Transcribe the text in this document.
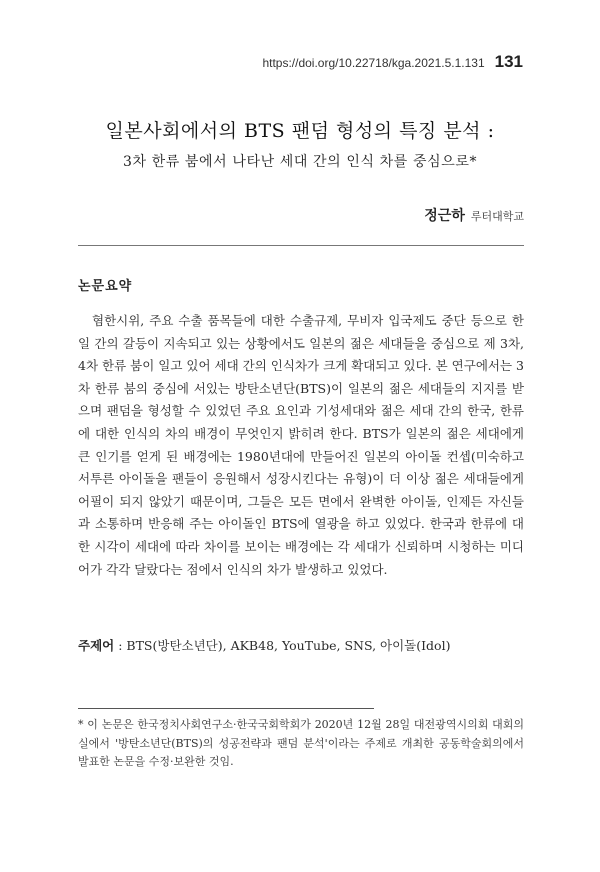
https://doi.org/10.22718/kga.2021.5.1.131 131
일본사회에서의 BTS 팬덤 형성의 특징 분석 :
3차 한류 붐에서 나타난 세대 간의 인식 차를 중심으로*
정근하 루터대학교
논문요약

혐한시위, 주요 수출 품목들에 대한 수출규제, 무비자 입국제도 중단 등으로 한일 간의 갈등이 지속되고 있는 상황에서도 일본의 젊은 세대들을 중심으로 제 3차, 4차 한류 붐이 일고 있어 세대 간의 인식차가 크게 확대되고 있다. 본 연구에서는 3차 한류 붐의 중심에 서있는 방탄소년단(BTS)이 일본의 젊은 세대들의 지지를 받으며 팬덤을 형성할 수 있었던 주요 요인과 기성세대와 젊은 세대 간의 한국, 한류에 대한 인식의 차의 배경이 무엇인지 밝히려 한다. BTS가 일본의 젊은 세대에게 큰 인기를 얻게 된 배경에는 1980년대에 만들어진 일본의 아이돌 컨셉(미숙하고 서투른 아이돌을 팬들이 응원해서 성장시킨다는 유형)이 더 이상 젊은 세대들에게 어필이 되지 않았기 때문이며, 그들은 모든 면에서 완벽한 아이돌, 인제든 자신들과 소통하며 반응해 주는 아이돌인 BTS에 열광을 하고 있었다. 한국과 한류에 대한 시각이 세대에 따라 차이를 보이는 배경에는 각 세대가 신뢰하며 시청하는 미디어가 각각 달랐다는 점에서 인식의 차가 발생하고 있었다.

주제어 : BTS(방탄소년단), AKB48, YouTube, SNS, 아이돌(Idol)

* 이 논문은 한국정치사회연구소·한국국회학회가 2020년 12월 28일 대전광역시의회 대회의실에서 '방탄소년단(BTS)의 성공전략과 팬덤 분석'이라는 주제로 개최한 공동학술회의에서 발표한 논문을 수정·보완한 것임.
